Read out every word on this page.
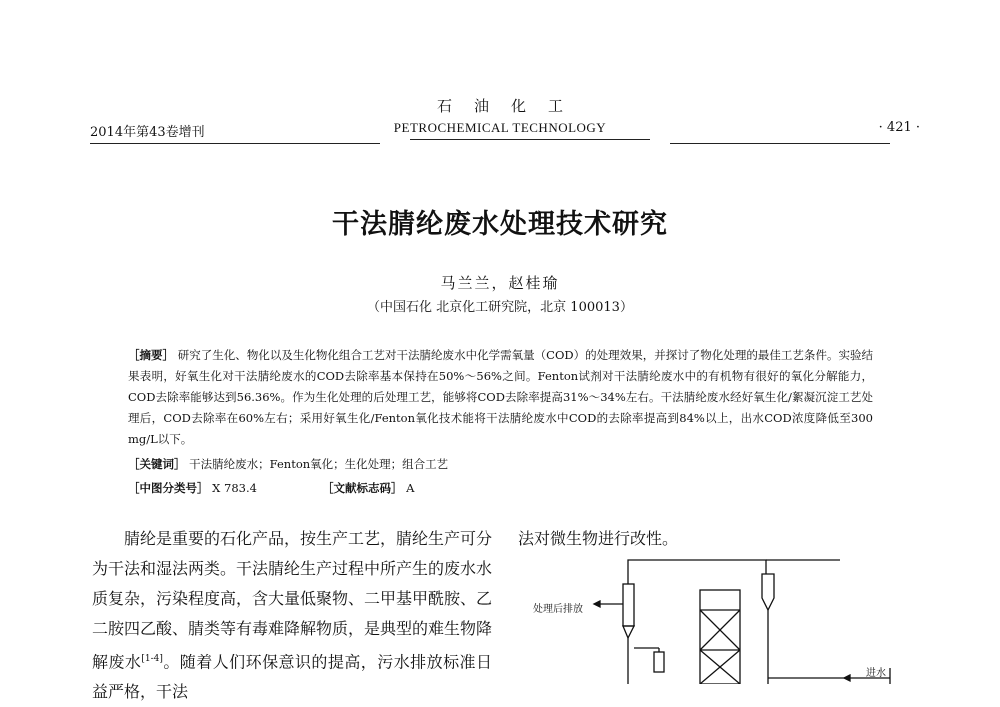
石油化工
PETROCHEMICAL TECHNOLOGY
2014年第43卷增刊	· 421 ·
干法腈纶废水处理技术研究
马兰兰，赵桂瑜
（中国石化 北京化工研究院，北京 100013）
［摘要］ 研究了生化、物化以及生化物化组合工艺对干法腈纶废水中化学需氧量（COD）的处理效果，并探讨了物化处理的最佳工艺条件。实验结果表明，好氧生化对干法腈纶废水的COD去除率基本保持在50%～56%之间。Fenton试剂对干法腈纶废水中的有机物有很好的氧化分解能力，COD去除率能够达到56.36%。作为生化处理的后处理工艺，能够将COD去除率提高31%～34%左右。干法腈纶废水经好氧生化/絮凝沉淀工艺处理后，COD去除率在60%左右；采用好氧生化/Fenton氧化技术能将干法腈纶废水中COD的去除率提高到84%以上，出水COD浓度降低至300 mg/L以下。
［关键词］ 干法腈纶废水；Fenton氧化；生化处理；组合工艺
［中图分类号］ X 783.4	［文献标志码］ A
腈纶是重要的石化产品，按生产工艺，腈纶生产可分为干法和湿法两类。干法腈纶生产过程中所产生的废水水质复杂，污染程度高，含大量低聚物、二甲基甲酰胺、乙二胺四乙酸、腈类等有毒难降解物质，是典型的难生物降解废水[1-4]。随着人们环保意识的提高，污水排放标准日益严格，干法
法对微生物进行改性。
处理后排放
进水
